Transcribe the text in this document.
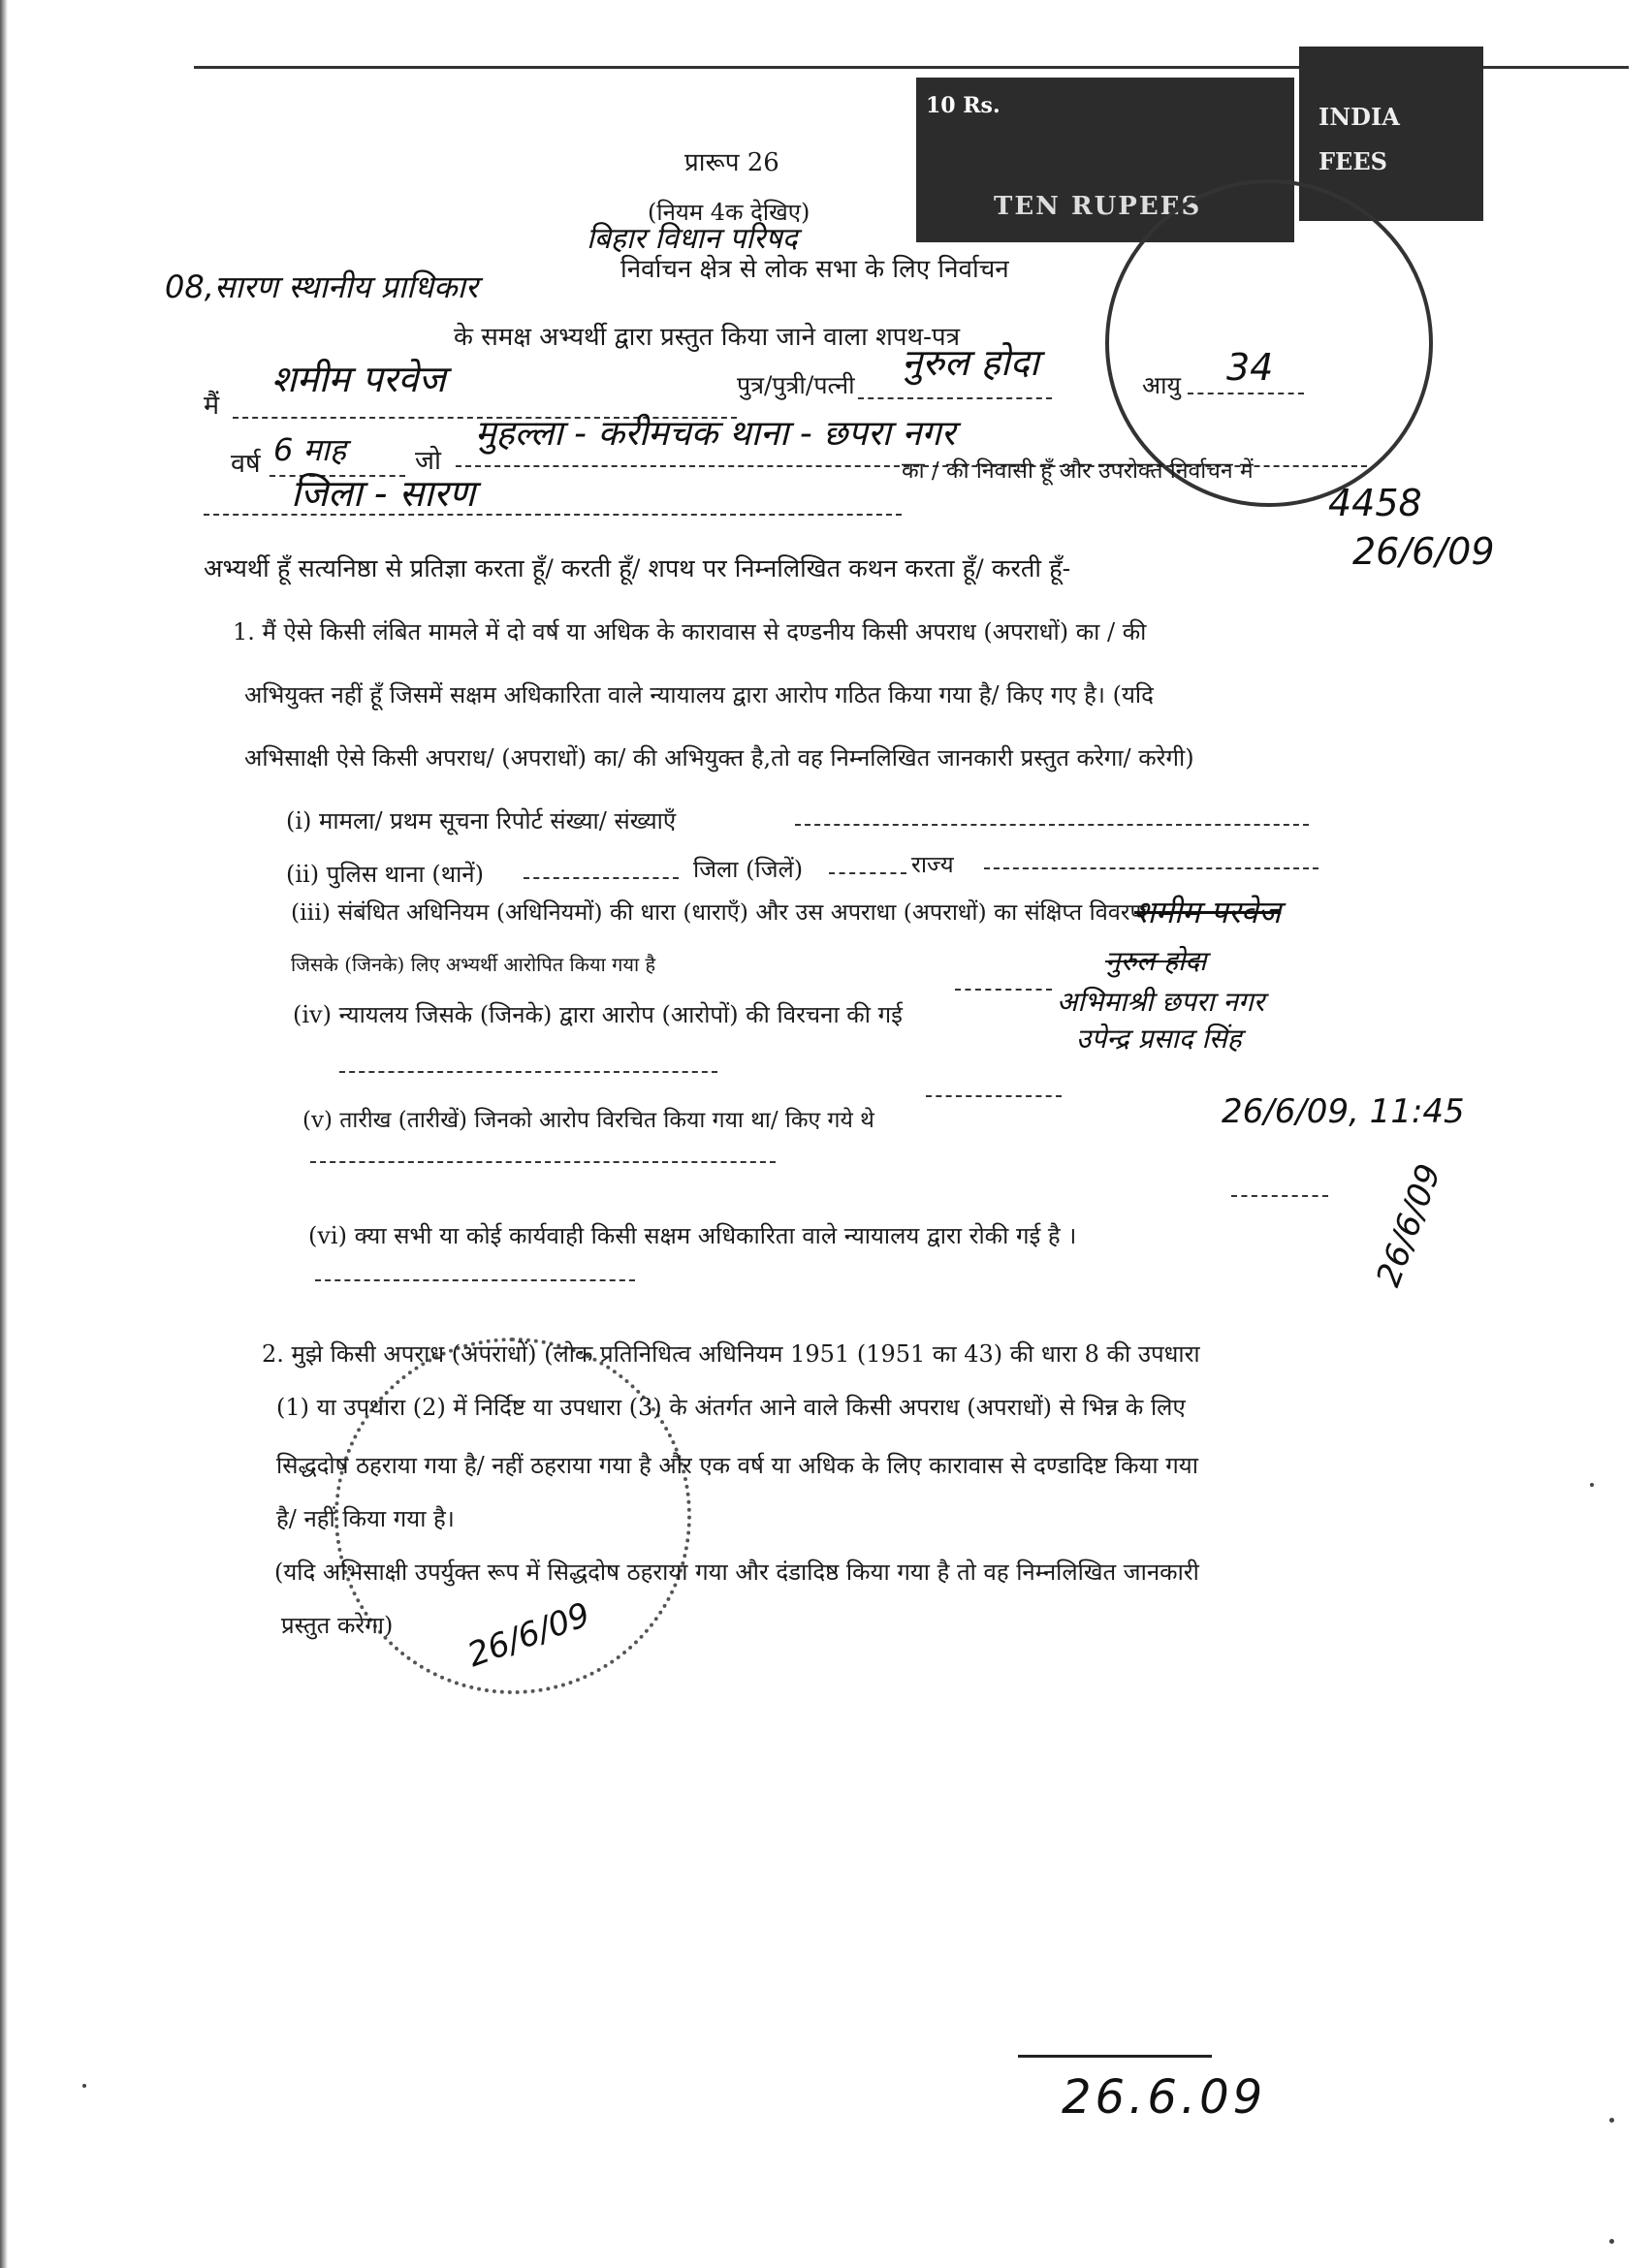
10 Rs.
TEN RUPEES
INDIA FEES
प्रारूप 26
(नियम 4क देखिए)
बिहार विधान परिषद
08,सारण स्थानीय प्राधिकार	निर्वाचन क्षेत्र से लोक सभा के लिए निर्वाचन
के समक्ष अभ्यर्थी द्वारा प्रस्तुत किया जाने वाला शपथ-पत्र
मैं
शमीम परवेज	पुत्र/पुत्री/पत्नी
नुरुल होदा
आयु 34
वर्ष 6 माह	जो
मुहल्ला - करीमचक थाना - छपरा नगर
जिला - सारण
का / की निवासी हूँ और उपरोक्त निर्वाचन में
4458
26/6/09
अभ्यर्थी हूँ सत्यनिष्ठा से प्रतिज्ञा करता हूँ/ करती हूँ/ शपथ पर निम्नलिखित कथन करता हूँ/ करती हूँ-
1. मैं ऐसे किसी लंबित मामले में दो वर्ष या अधिक के कारावास से दण्डनीय किसी अपराध (अपराधों) का / की
अभियुक्त नहीं हूँ जिसमें सक्षम अधिकारिता वाले न्यायालय द्वारा आरोप गठित किया गया है/ किए गए है। (यदि
अभिसाक्षी ऐसे किसी अपराध/ (अपराधों) का/ की अभियुक्त है,तो वह निम्नलिखित जानकारी प्रस्तुत करेगा/ करेगी)
(i) मामला/ प्रथम सूचना रिपोर्ट संख्या/ संख्याएँ
(ii) पुलिस थाना (थानें)	जिला (जिलें)	राज्य
(iii) संबंधित अधिनियम (अधिनियमों) की धारा (धाराएँ) और उस अपराधा (अपराधों) का संक्षिप्त विवरण
जिसके (जिनके) लिए अभ्यर्थी आरोपित किया गया है
शमीम परवेज
(iv) न्यायलय जिसके (जिनके) द्वारा आरोप (आरोपों) की विरचना की गई
नुरुल होदा
अभिमाश्री छपरा नगर
उपेन्द्र प्रसाद सिंह
(v) तारीख (तारीखें) जिनको आरोप विरचित किया गया था/ किए गये थे	26/6/09, 11:45
(vi) क्या सभी या कोई कार्यवाही किसी सक्षम अधिकारिता वाले न्यायालय द्वारा रोकी गई है ।	26/6/09
2. मुझे किसी अपराध (अपराधों) (लोक प्रतिनिधित्व अधिनियम 1951 (1951 का 43) की धारा 8 की उपधारा
(1) या उपधारा (2) में निर्दिष्ट या उपधारा (3) के अंतर्गत आने वाले किसी अपराध (अपराधों) से भिन्न के लिए
सिद्धदोष ठहराया गया है/ नहीं ठहराया गया है और एक वर्ष या अधिक के लिए कारावास से दण्डादिष्ट किया गया
है/ नहीं किया गया है।
(यदि अभिसाक्षी उपर्युक्त रूप में सिद्धदोष ठहराया गया और दंडादिष्ठ किया गया है तो वह निम्नलिखित जानकारी
प्रस्तुत करेगा) 26/6/09
26.6.09
